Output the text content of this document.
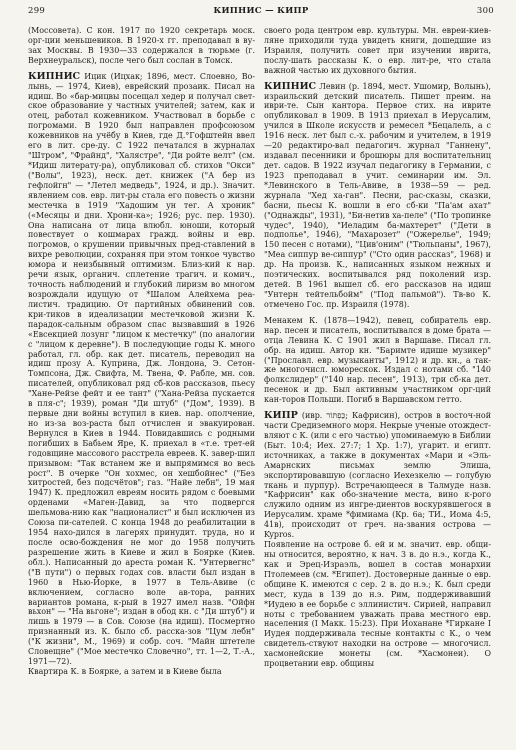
299	КИПНИС — КИПР	300

(Моссовета). С кон. 1917 по 1920 секретарь моск. орг-ции меньшевиков. В 1920-х гг. преподавал в ву-зах Москвы. В 1930—33 содержался в тюрьме (г. Верхнеуральск), после чего был сослан в Томск.

КИПНИС Ицик (Ицхак; 1896, мест. Слоевно, Во-лынь, — 1974, Киев), еврейский прозаик. Писал на идиш. Во «бар-мицвы посещал хедер и получал свет-ское образование у частных учителей; затем, как и отец, работал кожевником. Участвовал в борьбе с погромами. В 1920 был направлен профсоюзом кожевников на учёбу в Киев, где Д.°Гофштейн ввел его в лит. сре-ду. С 1922 печатался в журналах "Штром", "Фрайнд", "Халястре", "Ди ройте велт" (см. *Идиш литерату-ра), опубликовал сб. стихов "Окси" ("Волы", 1923), неск. дет. книжек ("А бер из гефлойгн" — "Летел медведь", 1924, и др.). Значит. явлением сов. евр. лит-ры стала его повесть о жизни местечка в 1919 "Хадошим ун тег. А хроник" («Месяцы и дни. Хрони-ка»; 1926; рус. пер. 1930). Она написана от лица влюбл. юноши, который повествует о кошмарах гражд. войны и евр. погромов, о крушении привычных пред-ставлений в вихре революции, сохраняя при этом тонкое чувство юмора и неизбывный оптимизм. Близ-кий к нар. речи язык, органич. сплетение трагич. и комич., точность наблюдений и глубокий лиризм во многом возрождали идущую от *Шалом Алейхема реа-листич. традицию. От партийных обвинений сов. кри-тиков в идеализации местечковой жизни К. парадок-сальным образом спас вызвавший в 1926 «Евсекцией лозунг "лицом к местечку" (по аналогии с "лицом к деревне"). В последующие годы К. много работал, гл. обр. как дет. писатель, переводил на идиш прозу А. Куприна, Дж. Лондона, Э. Сетон-Томпсона, Дж. Свифта, М. Твена, Ф. Рабле, мн. сов. писателей, опубликовал ряд сб-ков рассказов, пьесу "Хане-Рейзе фейт и ее тант" ("Хана-Рейза пускается в пля-с"; 1939), роман "Ди штуб" ("Дом", 1939). В первые дни войны вступил в киев. нар. ополчение, но из-за воз-раста был отчислен и эвакуирован. Вернулся в Киев в 1944. Повидавшись с родными погибших в Бабьем Яре, К. приехал в «т.е. трет-ей годовщине массового расстрела евреев. К. завер-шил призывом: "Так встанем же и выпрямимся во весь рост". В очерке "Он хохмес, он хешбойнес" ("Без хитростей, без подсчётов"; газ. "Найе лебн", 19 мая 1947) К. предложил евреям носить рядом с боевыми орденами «Маген-Давид, за что подвергся шельмова-нию как "националист" и был исключен из Союза пи-сателей. С конца 1948 до реабилитации в 1954 нахо-дился в лагерях принудит. труда, но и после осво-бождения не мог до 1958 получить разрешение жить в Киеве и жил в Боярке (Киев. обл.). Написанный до ареста роман К. "Унтервегнс" ("В пути") о первых годах сов. власти был издан в 1960 в Нью-Йорке, в 1977 в Тель-Авиве (с включением, согласно воле ав-тора, ранних вариантов романа, к-рый в 1927 имел назв. "Ойфн вьхон" — "На вьгоне"; издан в обод кн. с "Ди штуб") и лишь в 1979 — в Сов. Союзе (на идиш). Посмертно признанный из. К. было сб. расска-зов "Цум лебн" ("К жизни", М., 1969) и собр. соч. "Майн штетеле Словещне" ("Мое местечко Словечно", тт. 1—2, Т.-А., 1971—72).

Квартира К. в Боярке, а затем и в Киеве была

своего рода центром евр. культуры. Мн. евреи-киев-ляне приходили туда увидеть книги, дошедшие из Израиля, получить совет при изучении иврита, послу-шать рассказы К. о евр. лит-ре, что стала важной частью их духовного бытия.

КИПНИС Левин (р. 1894, мест. Ушомир, Волынь), израильский детский писатель. Пишет преим. на иври-те. Сын кантора. Первое стих. на иврите опубликовал в 1909. В 1913 приехал в Иерусалим, учился в Школе искусств и ремесел *Бецалель, а с 1916 неск. лет был с.-х. рабочим и учителем, в 1919—20 редактиро-вал педагогич. журнал "Ганнену", издавал песенники и брошюры для воспитательниц дет. садов. В 1922 изучал педагогику в Германии, с 1923 преподавал в учит. семинарии им. Эл. *Левинского в Тель-Авиве, в 1938—59 — ред. журнала "Хед ха-ган". Песни, рас-сказы, сказки, басни, пьесы К. вошли в его сб-ки "Па'ам ахат" ("Однажды", 1931), "Би-нетив ха-пеле" ("По тропинке чудес", 1940), "Иеладим ба-махтерет" ("Дети в подполье", 1946), "Махарозет" ("Ожерелье", 1949; 150 песен с нотами), "Цив'оним" ("Тюльпаны", 1967), "Меа сиппур ве-сиппур" ("Сто один рассказ", 1968) и др. На произв. К., написанных языком нежных и поэтических. воспитывался ряд поколений изр. детей. В 1961 вышел сб. его рассказов на идиш "Унтерн тейтельбойм" ("Под пальмой"). Тв-во К. отмечено Гос. пр. Израиля (1978).

Менакем К. (1878—1942), певец, собиратель евр. нар. песен и писатель, воспитывался в доме брата — отца Левина К. С 1901 жил в Варшаве. Писал гл. обр. на идиш. Автор кн. "Баримте идише музикер" ("Прославл. евр. музыканты", 1912) и др. кн., а так-же многочисл. юморескок. Издал с нотами сб. "140 фолкслидер" ("140 нар. песен", 1913), три сб-ка дет. песенок и др. Был активным участником орг-ций кан-торов Польши. Погиб в Варшавском гетто.

КИПР (ивр. כַּפְתּוֹר; Кафрисин), остров в восточ-ной части Средиземного моря. Некрые ученые отождест-вляют с К. (или с его частью) упоминаемую в Библии (Быт. 10:4; Иех. 27:7; 1 Хр. 1:7), угарит. и египт. источниках, а также в документах «Мари и «Эль-Амарнских письмах землю Элиша, экспортировавшую (согласно Иехезкелю — голубую ткань и пурпур). Встречающееся в Талмуде назв. "Кафрисин" как обо-значение места, вино к-рого служило одним из ингре-диентов воскурявшегося в Иерусалим. храме *фимиама (Кр. 6а; ТИ., Иома 4:5, 41в), происходит от греч. на-звания острова — Kypros.

Появление на острове б. ей и м. значит. евр. общи-ны относится, вероятно, к нач. 3 в. до н.э., когда К., как и Эрец-Израэль, вошел в состав монархии Птолемеев (см. *Египет). Достоверные данные о евр. общине К. имеются с сер. 2 в. до н.э.; К. был среди мест, куда в 139 до н.э. Рим, поддерживавший *Иудею в ее борьбе с эллинистич. Сирией, направил ноты с требованием уважать права местного евр. населения (I Макк. 15:23). При Иоханане *Гиркане I Иудея поддерживала тесные контакты с К., о чем свидетель-ствуют находки на острове — многочисл. хасмонейские монеты (см. *Хасмонеи). О процветании евр. общины
